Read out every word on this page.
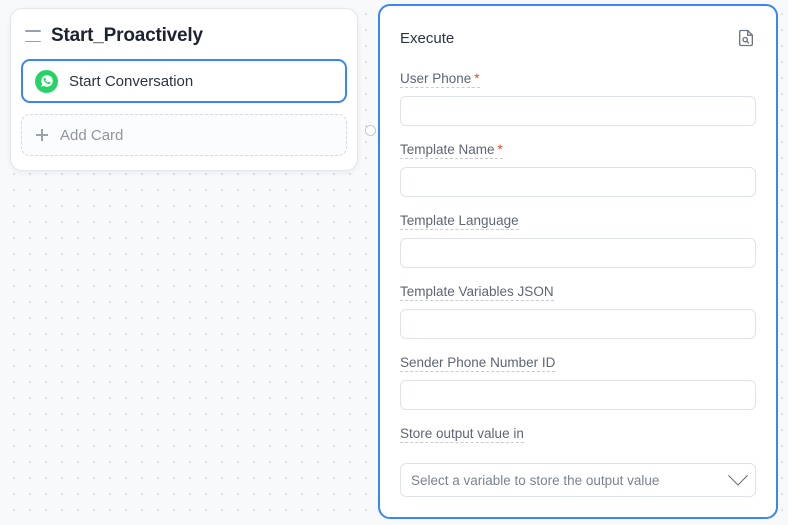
Start_Proactively
Start Conversation
Add Card
Execute
User Phone *
Template Name *
Template Language
Template Variables JSON
Sender Phone Number ID
Store output value in
Select a variable to store the output value
